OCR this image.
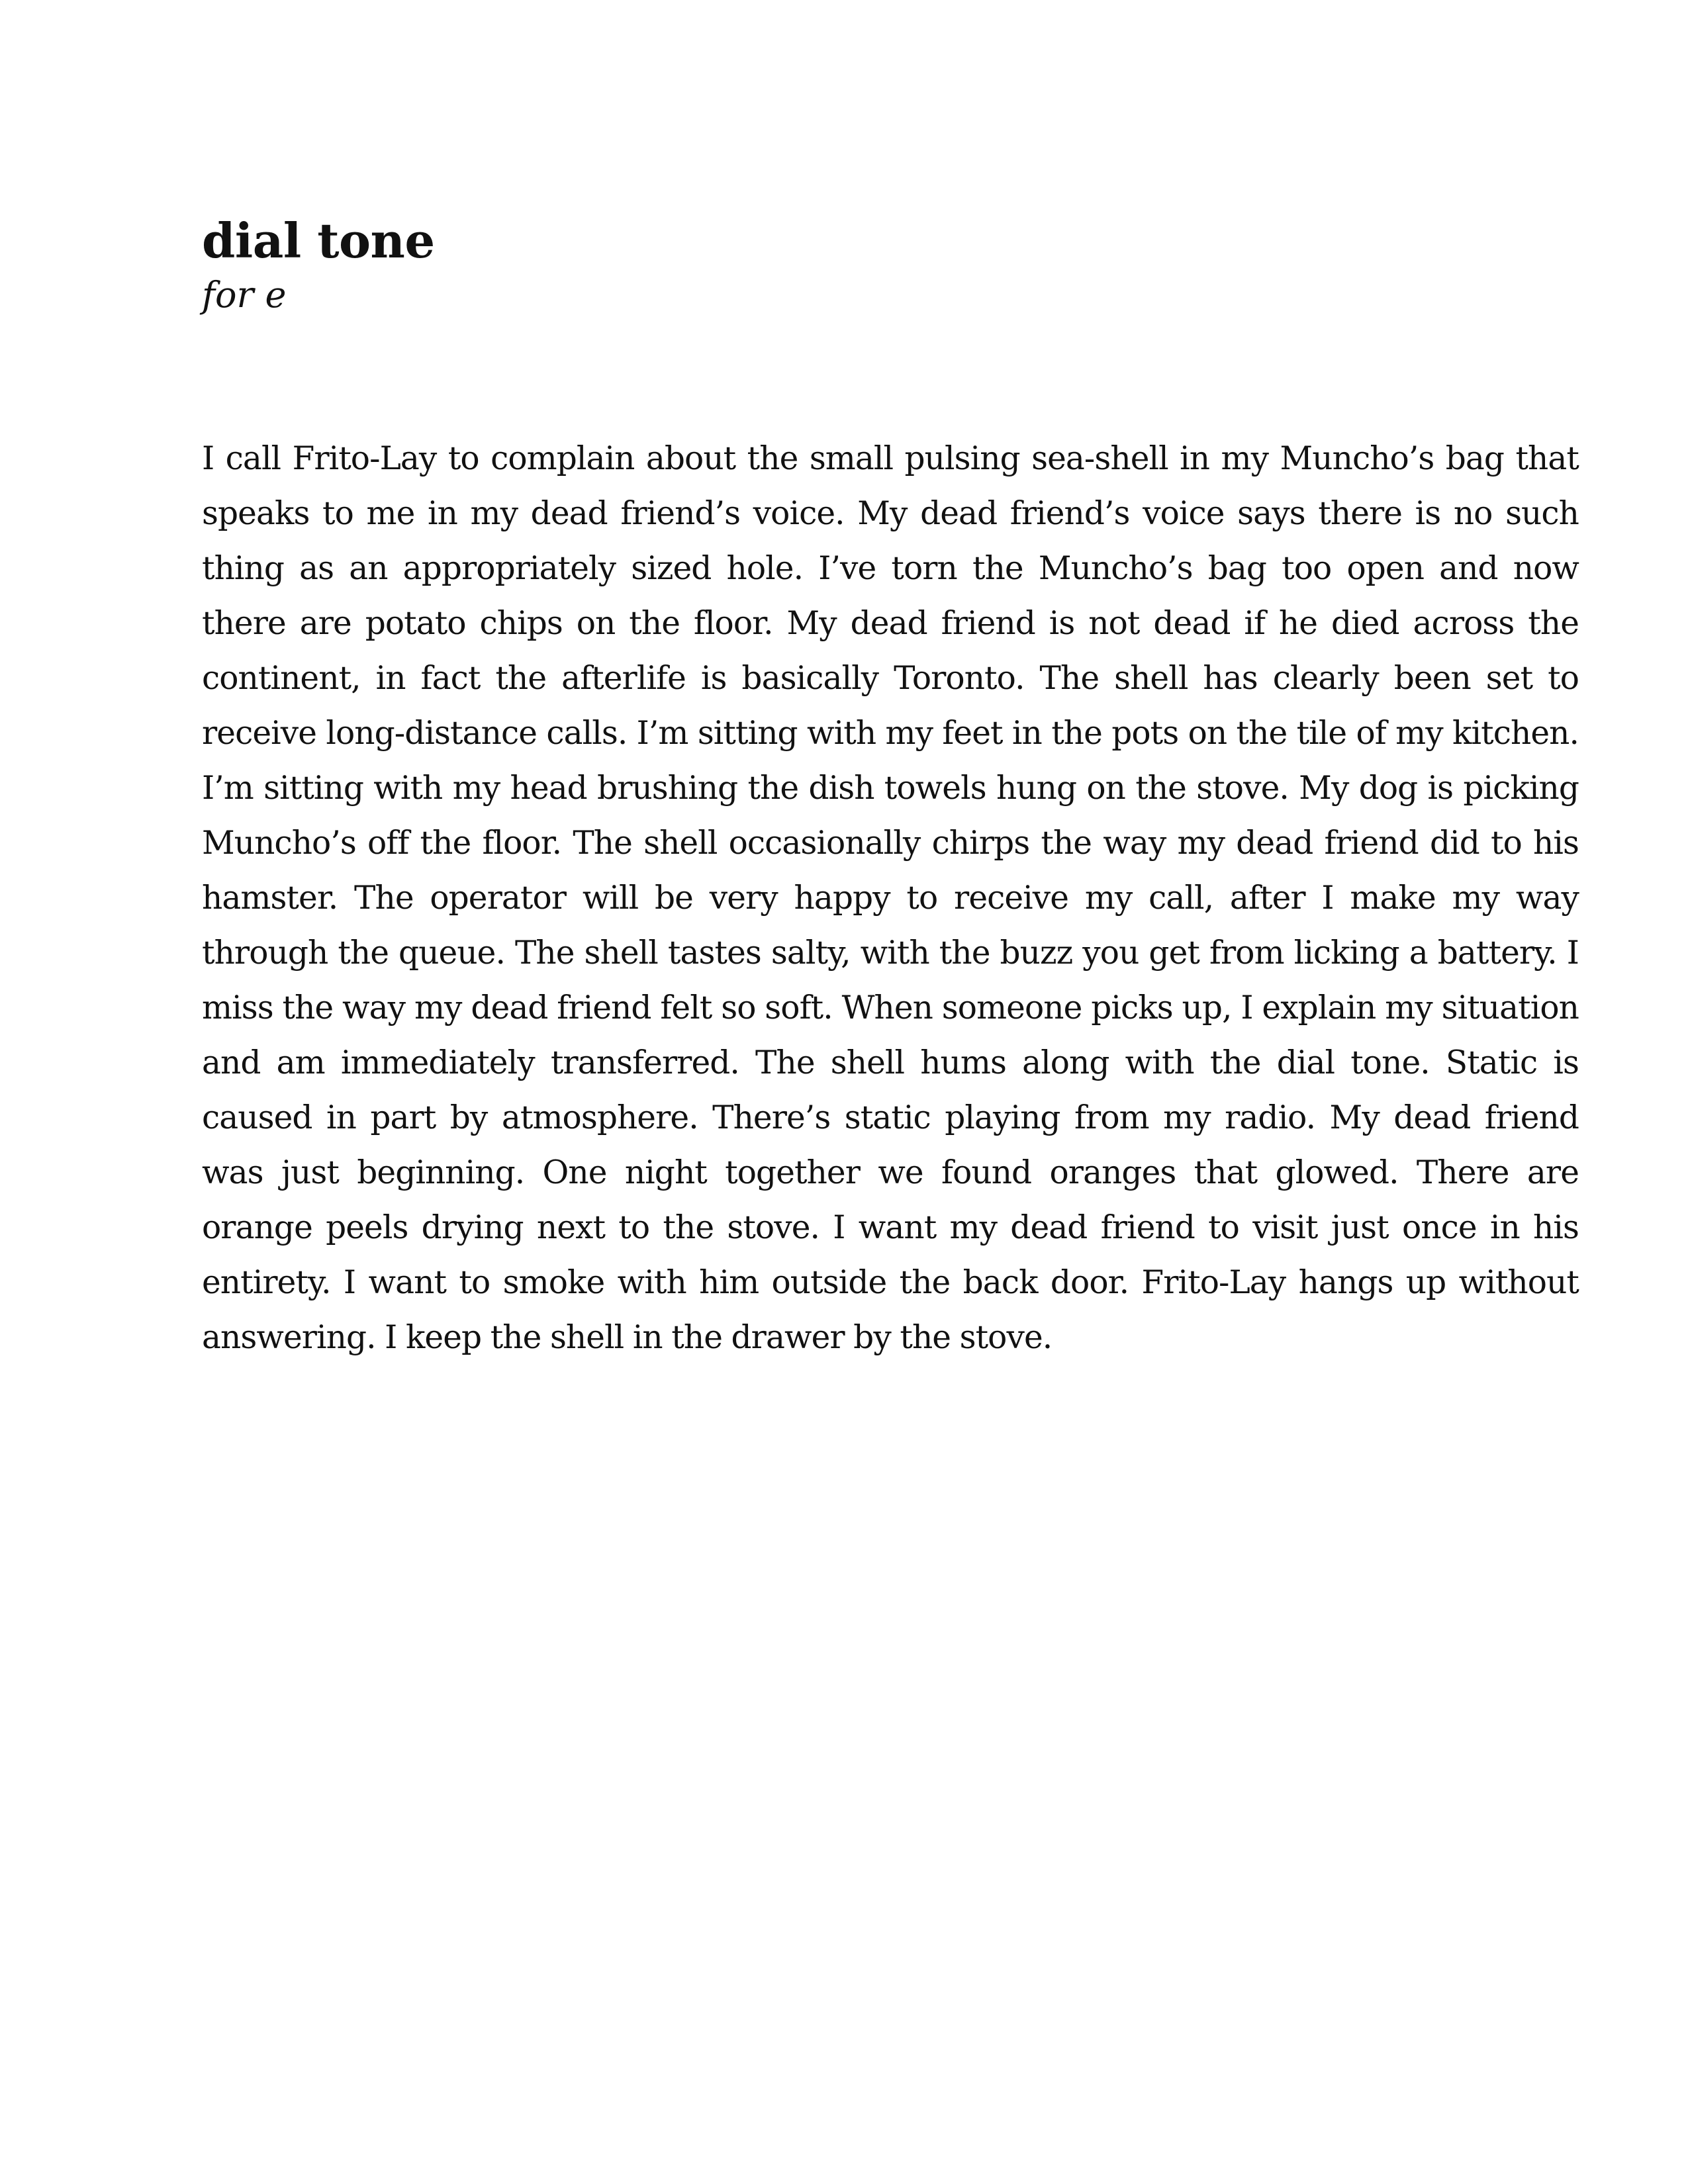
dial tone

for e

I call Frito-Lay to complain about the small pulsing sea-shell in my Muncho’s bag that speaks to me in my dead friend’s voice. My dead friend’s voice says there is no such thing as an appropriately sized hole. I’ve torn the Muncho’s bag too open and now there are potato chips on the floor. My dead friend is not dead if he died across the continent, in fact the afterlife is basically Toronto. The shell has clearly been set to receive long-distance calls. I’m sitting with my feet in the pots on the tile of my kitchen. I’m sitting with my head brushing the dish towels hung on the stove. My dog is picking Muncho’s off the floor. The shell occasionally chirps the way my dead friend did to his hamster. The operator will be very happy to receive my call, after I make my way through the queue. The shell tastes salty, with the buzz you get from licking a battery. I miss the way my dead friend felt so soft. When someone picks up, I explain my situation and am immediately transferred. The shell hums along with the dial tone. Static is caused in part by atmosphere. There’s static playing from my radio. My dead friend was just beginning. One night together we found oranges that glowed. There are orange peels drying next to the stove. I want my dead friend to visit just once in his entirety. I want to smoke with him outside the back door. Frito-Lay hangs up without answering. I keep the shell in the drawer by the stove.
